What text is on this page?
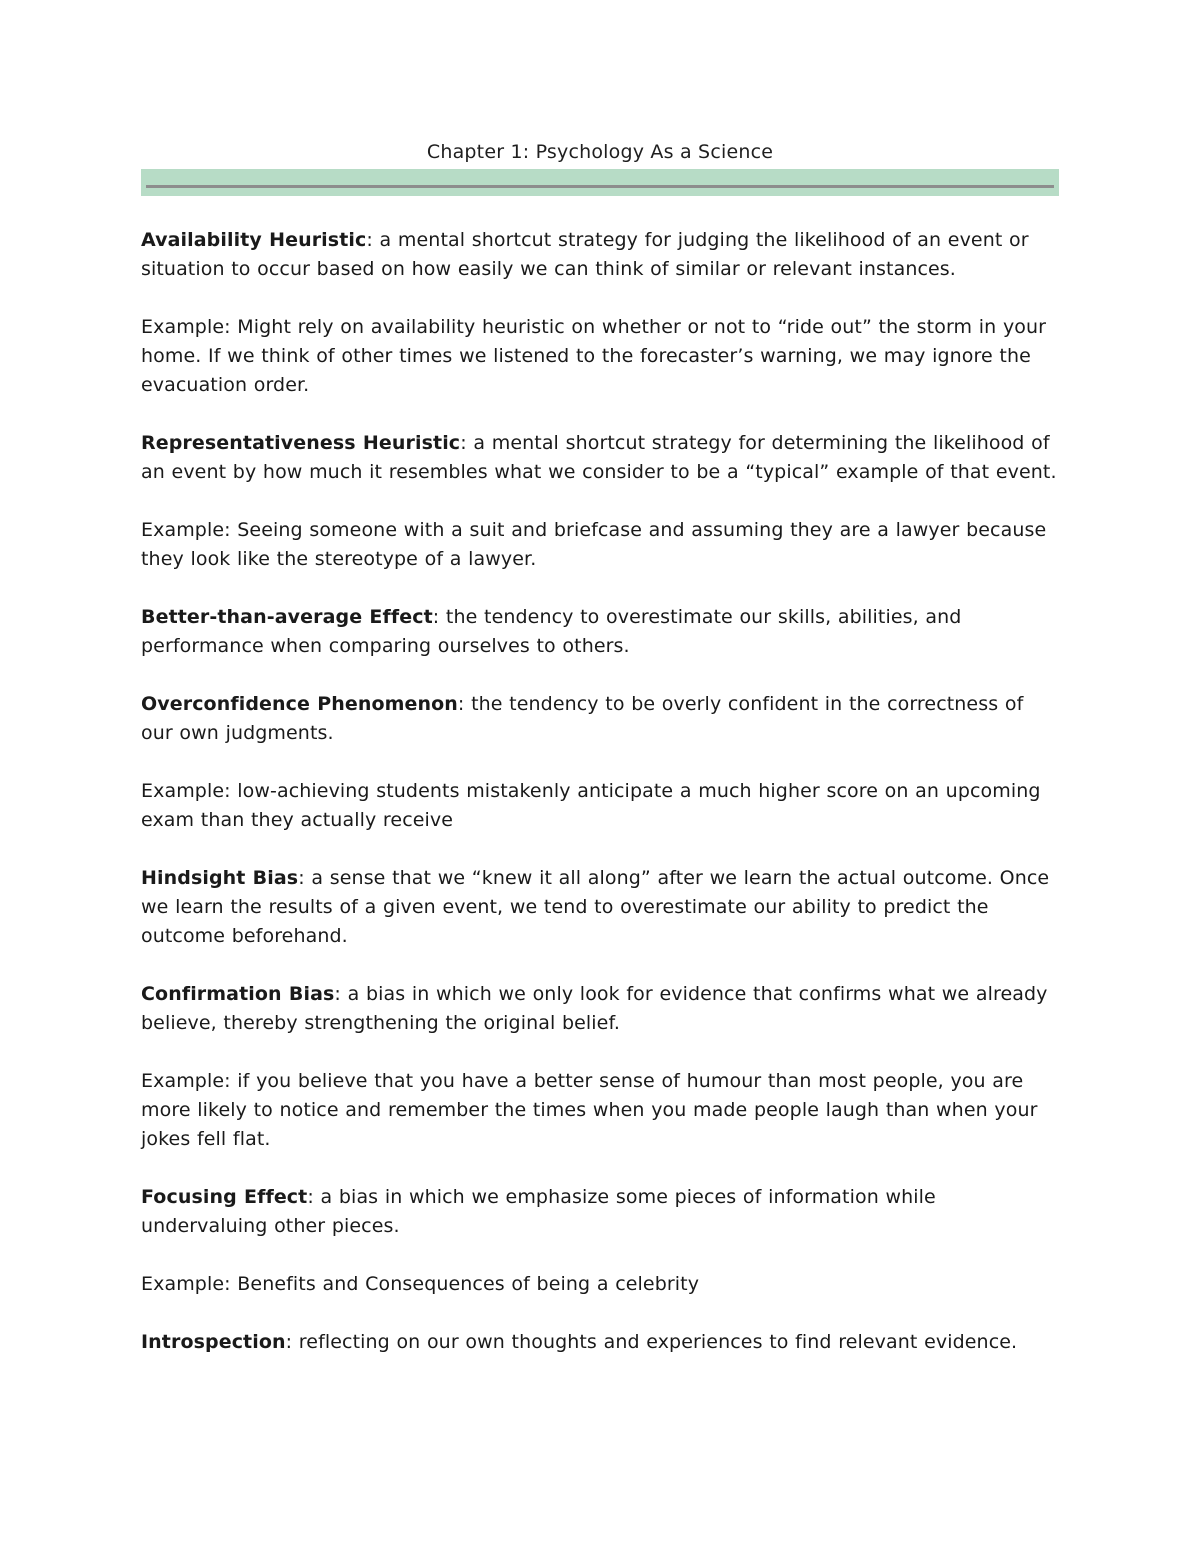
Chapter 1: Psychology As a Science

Availability Heuristic: a mental shortcut strategy for judging the likelihood of an event or situation to occur based on how easily we can think of similar or relevant instances.

Example: Might rely on availability heuristic on whether or not to “ride out” the storm in your home. If we think of other times we listened to the forecaster’s warning, we may ignore the evacuation order.

Representativeness Heuristic: a mental shortcut strategy for determining the likelihood of an event by how much it resembles what we consider to be a “typical” example of that event.

Example: Seeing someone with a suit and briefcase and assuming they are a lawyer because they look like the stereotype of a lawyer.

Better-than-average Effect: the tendency to overestimate our skills, abilities, and performance when comparing ourselves to others.

Overconfidence Phenomenon: the tendency to be overly confident in the correctness of our own judgments.

Example: low-achieving students mistakenly anticipate a much higher score on an upcoming exam than they actually receive

Hindsight Bias: a sense that we “knew it all along” after we learn the actual outcome. Once we learn the results of a given event, we tend to overestimate our ability to predict the outcome beforehand.

Confirmation Bias: a bias in which we only look for evidence that confirms what we already believe, thereby strengthening the original belief.

Example: if you believe that you have a better sense of humour than most people, you are more likely to notice and remember the times when you made people laugh than when your jokes fell flat.

Focusing Effect: a bias in which we emphasize some pieces of information while undervaluing other pieces.

Example: Benefits and Consequences of being a celebrity

Introspection: reflecting on our own thoughts and experiences to find relevant evidence.
